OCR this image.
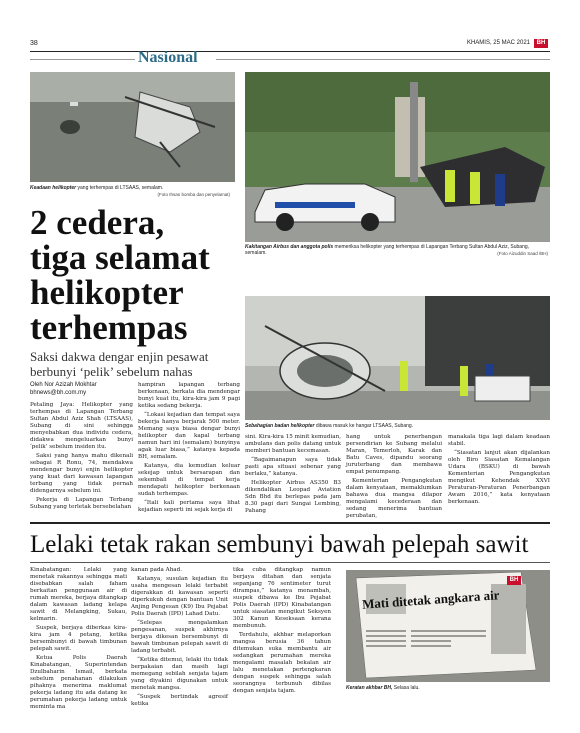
38	KHAMIS, 25 MAC 2021	BH
Nasional
Keadaan helikopter yang terhempas di LTSAAS, semalam.
(Foto Ihsan bomba dan penyelamat)
Kakitangan Airbus dan anggota polis memeriksa helikopter yang terhempas di Lapangan Terbang Sultan Abdul Aziz, Subang, semalam.	(Foto Aizuddin Saad /BH)
Sebahagian badan helikopter dibawa masuk ke hangar LTSAAS, Subang.
2 cedera,
tiga selamat
helikopter
terhempas
Saksi dakwa dengar enjin pesawat berbunyi ‘pelik’ sebelum nahas
Oleh Nor Azizah Mokhtar
bhnews@bh.com.my

Petaling Jaya: Helikopter yang terhempas di Lapangan Terbang Sultan Abdul Aziz Shah (LTSAAS), Subang di sini sehingga menyebabkan dua individu cedera, didakwa mengeluarkan bunyi ‘pelik’ sebelum insiden itu.

Saksi yang hanya mahu dikenali sebagai R Ronu, 74, mendakwa mendengar bunyi enjin helikopter yang kuat dari kawasan lapangan terbang yang tidak pernah didengarnya sebelum ini.

Pekerja di Lapangan Terbang Subang yang terletak bersebelahan

hampiran lapangan terbang berkenaan, berkata dia mendengar bunyi kuat itu, kira-kira jam 9 pagi ketika sedang bekerja.

“Lokasi kejadian dan tempat saya bekerja hanya berjarak 500 meter. Memang saya biasa dengar bunyi helikopter dan kapal terbang namun hari ini (semalam) bunyinya agak luar biasa,” katanya kepada BH, semalam.

Katanya, dia kemudian keluar sekejap untuk bersarapan dan sekembali di tempat kerja mendapati helikopter berkenaan sudah terhempas.

“Itali kali pertama saya lihat kejadian seperti ini sejak kerja di

sini. Kira-kira 15 minit kemudian, ambulans dan polis datang untuk memberi bantuan kecemasan.

“Bagaimanapun saya tidak pasti apa situasi sebenar yang berlaku,” katanya.

Helikopter Airbus AS350 B3 dikendalikan Leopad Aviation Sdn Bhd itu berlepas pada jam 8.30 pagi dari Sungai Lembing, Pahang

hang untuk penerbangan persendirian ke Subang melalui Maran, Temerloh, Karak dan Batu Caves, dipandu seorang juruterbang dan membawa empat penumpang.

Kementerian Pengangkutan dalam kenyataan, memaklumkan bahawa dua mangsa dilapor mengalami kecederaan dan sedang menerima bantuan perubatan,

manakala tiga lagi dalam keadaan stabil.

“Siasatan lanjut akan dijalankan oleh Biro Siasatan Kemalangan Udara (BSKU) di bawah Kementerian Pengangkutan mengikut Kehendak XXVI Peraturan-Peraturan Penerbangan Awam 2016,” kata kenyataan berkenaan.

Lelaki tetak rakan sembunyi bawah pelepah sawit

Kinabatangan: Lelaki yang menetak rakannya sehingga mati disebabkan salah faham berkaitan penggunaan air di rumah mereka, berjaya ditangkap dalam kawasan ladang kelapa sawit di Melangking, Sukau, kelmarin.

Suspek, berjaya diberkas kira-kira jam 4 petang, ketika bersembunyi di bawah timbunan pelepah sawit.

Ketua Polis Daerah Kinabatangan, Superintendan Dzulbaharin Ismail, berkata sebelum penahanan dilakukan pihaknya menerima maklumat pekerja ladang itu ada datang ke perumahan pekerja ladang untuk meminta ma

kanan pada Ahad.

Katanya, susulan kejadian itu usaha mengesan lelaki terbabit digerakkan di kawasan seperti diperkukuh dengan bantuan Unit Anjing Pengesan (K9) Ibu Pejabat Polis Daerah (IPD) Lahad Datu.

“Selepas mengalamkan pengesanan, suspek akhirnya berjaya dikesan bersembunyi di bawah timbunan pelepah sawit di ladang terbabit.

“Ketika ditemui, lelaki itu tidak berpakaian dan masih lagi memegang sebilah senjata tajam yang diyakini digunakan untuk menetak mangsa.

“Suspek bertindak agresif ketika

tika cuba ditangkap namun berjaya ditahan dan senjata sepanjang 76 sentimeter turut dirampas,” katanya menambah, suspek dibawa ke Ibu Pejabat Polis Daerah (IPD) Kinabatangan untuk siasatan mengikut Seksyen 302 Kanun Keseksaan kerana membunuh.

Terdahulu, akhbar melaporkan mangsa berusia 36 tahun ditemukan suka membantu air sedangkan perumahan mereka mengalami masalah bekalan air lalu menetakan pertengkaran dengan suspek sehingga salah seorangnya terbunuh dibilas dengan senjata tajam.

Mati ditetak angkara air
BH
Keratan akhbar BH, Selasa lalu.
